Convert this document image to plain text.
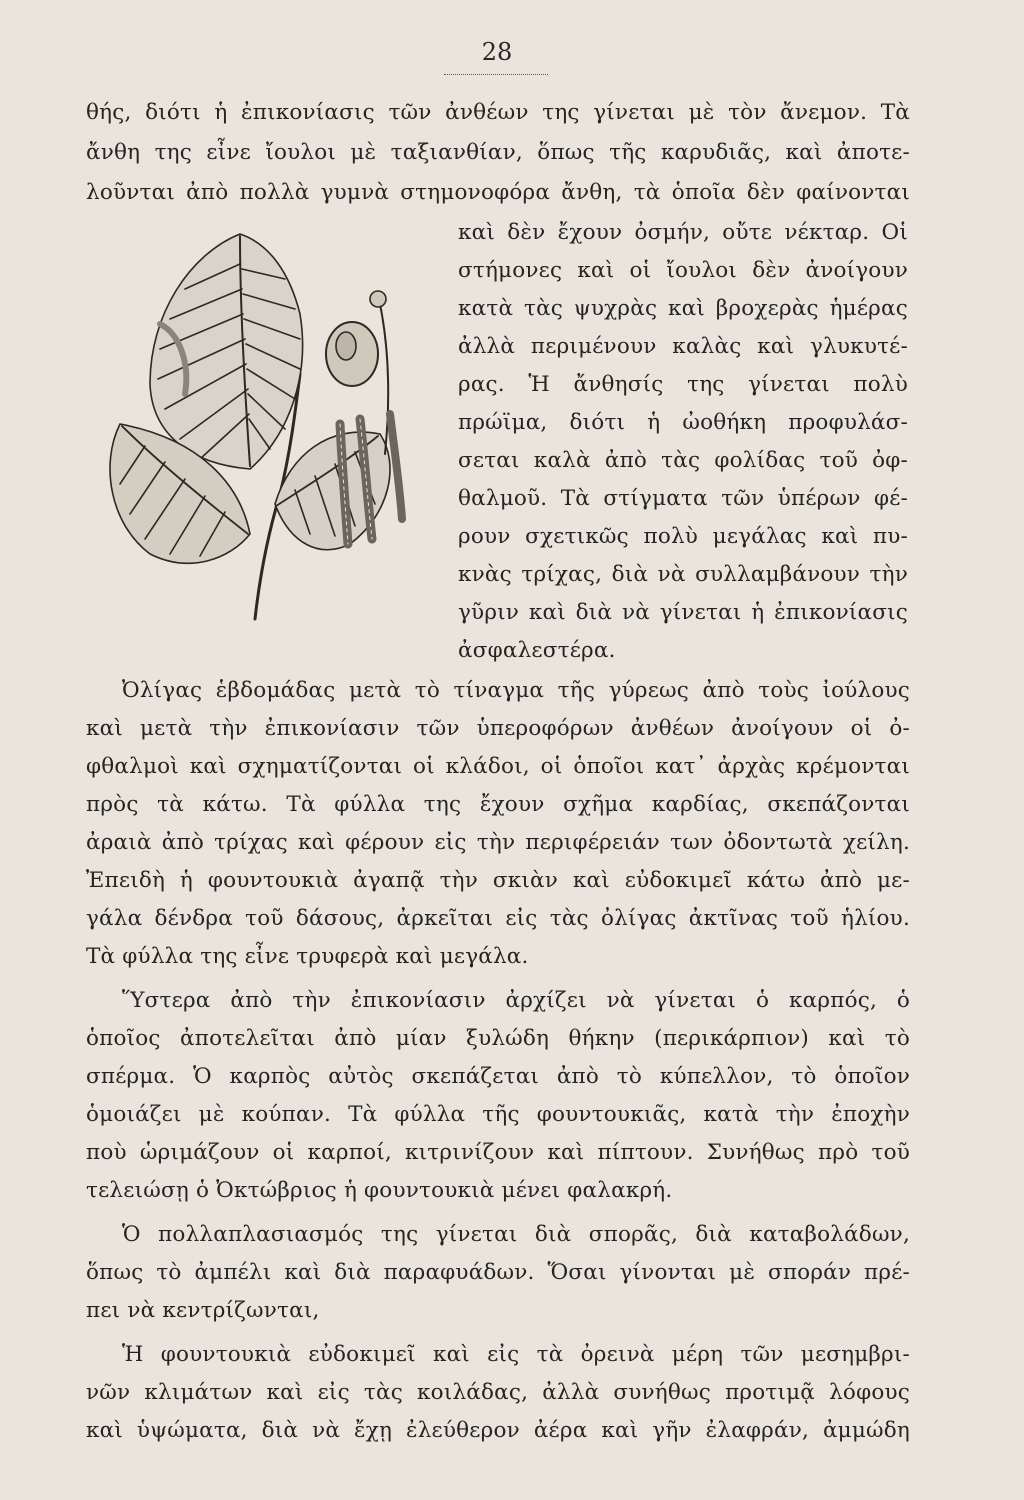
28
θής, διότι ἡ ἐπικονίασις τῶν ἀνθέων της γίνεται μὲ τὸν ἄνεμον. Τὰ
ἄνθη της εἶνε ἴουλοι μὲ ταξιανθίαν, ὅπως τῆς καρυδιᾶς, καὶ ἀποτε-
λοῦνται ἀπὸ πολλὰ γυμνὰ στημονοφόρα ἄνθη, τὰ ὁποῖα δὲν φαίνονται
καὶ δὲν ἔχουν ὀσμήν, οὔτε νέκταρ. Οἱ
στήμονες καὶ οἱ ἴουλοι δὲν ἀνοίγουν
κατὰ τὰς ψυχρὰς καὶ βροχερὰς ἡμέρας
ἀλλὰ περιμένουν καλὰς καὶ γλυκυτέ-
ρας. Ἡ ἄνθησίς της γίνεται πολὺ
πρώϊμα, διότι ἡ ὠοθήκη προφυλάσ-
σεται καλὰ ἀπὸ τὰς φολίδας τοῦ ὀφ-
θαλμοῦ. Τὰ στίγματα τῶν ὑπέρων φέ-
ρουν σχετικῶς πολὺ μεγάλας καὶ πυ-
κνὰς τρίχας, διὰ νὰ συλλαμβάνουν τὴν
γῦριν καὶ διὰ νὰ γίνεται ἡ ἐπικονίασις
ἀσφαλεστέρα.
Ὀλίγας ἑβδομάδας μετὰ τὸ τίναγμα τῆς γύρεως ἀπὸ τοὺς ἰούλους
καὶ μετὰ τὴν ἐπικονίασιν τῶν ὑπεροφόρων ἀνθέων ἀνοίγουν οἱ ὀ-
φθαλμοὶ καὶ σχηματίζονται οἱ κλάδοι, οἱ ὁποῖοι κατ᾽ ἀρχὰς κρέμονται
πρὸς τὰ κάτω. Τὰ φύλλα της ἔχουν σχῆμα καρδίας, σκεπάζονται
ἀραιὰ ἀπὸ τρίχας καὶ φέρουν εἰς τὴν περιφέρειάν των ὀδοντωτὰ χείλη.
Ἐπειδὴ ἡ φουντουκιὰ ἀγαπᾷ τὴν σκιὰν καὶ εὐδοκιμεῖ κάτω ἀπὸ με-
γάλα δένδρα τοῦ δάσους, ἀρκεῖται εἰς τὰς ὀλίγας ἀκτῖνας τοῦ ἡλίου.
Τὰ φύλλα της εἶνε τρυφερὰ καὶ μεγάλα.
Ὕστερα ἀπὸ τὴν ἐπικονίασιν ἀρχίζει νὰ γίνεται ὁ καρπός, ὁ
ὁποῖος ἀποτελεῖται ἀπὸ μίαν ξυλώδη θήκην (περικάρπιον) καὶ τὸ
σπέρμα. Ὁ καρπὸς αὐτὸς σκεπάζεται ἀπὸ τὸ κύπελλον, τὸ ὁποῖον
ὁμοιάζει μὲ κούπαν. Τὰ φύλλα τῆς φουντουκιᾶς, κατὰ τὴν ἐποχὴν
ποὺ ὡριμάζουν οἱ καρποί, κιτρινίζουν καὶ πίπτουν. Συνήθως πρὸ τοῦ
τελειώσῃ ὁ Ὀκτώβριος ἡ φουντουκιὰ μένει φαλακρή.
Ὁ πολλαπλασιασμός της γίνεται διὰ σπορᾶς, διὰ καταβολάδων,
ὅπως τὸ ἀμπέλι καὶ διὰ παραφυάδων. Ὅσαι γίνονται μὲ σποράν πρέ-
πει νὰ κεντρίζωνται,
Ἡ φουντουκιὰ εὐδοκιμεῖ καὶ εἰς τὰ ὀρεινὰ μέρη τῶν μεσημβρι-
νῶν κλιμάτων καὶ εἰς τὰς κοιλάδας, ἀλλὰ συνήθως προτιμᾷ λόφους
καὶ ὑψώματα, διὰ νὰ ἔχῃ ἐλεύθερον ἀέρα καὶ γῆν ἐλαφράν, ἀμμώδη
